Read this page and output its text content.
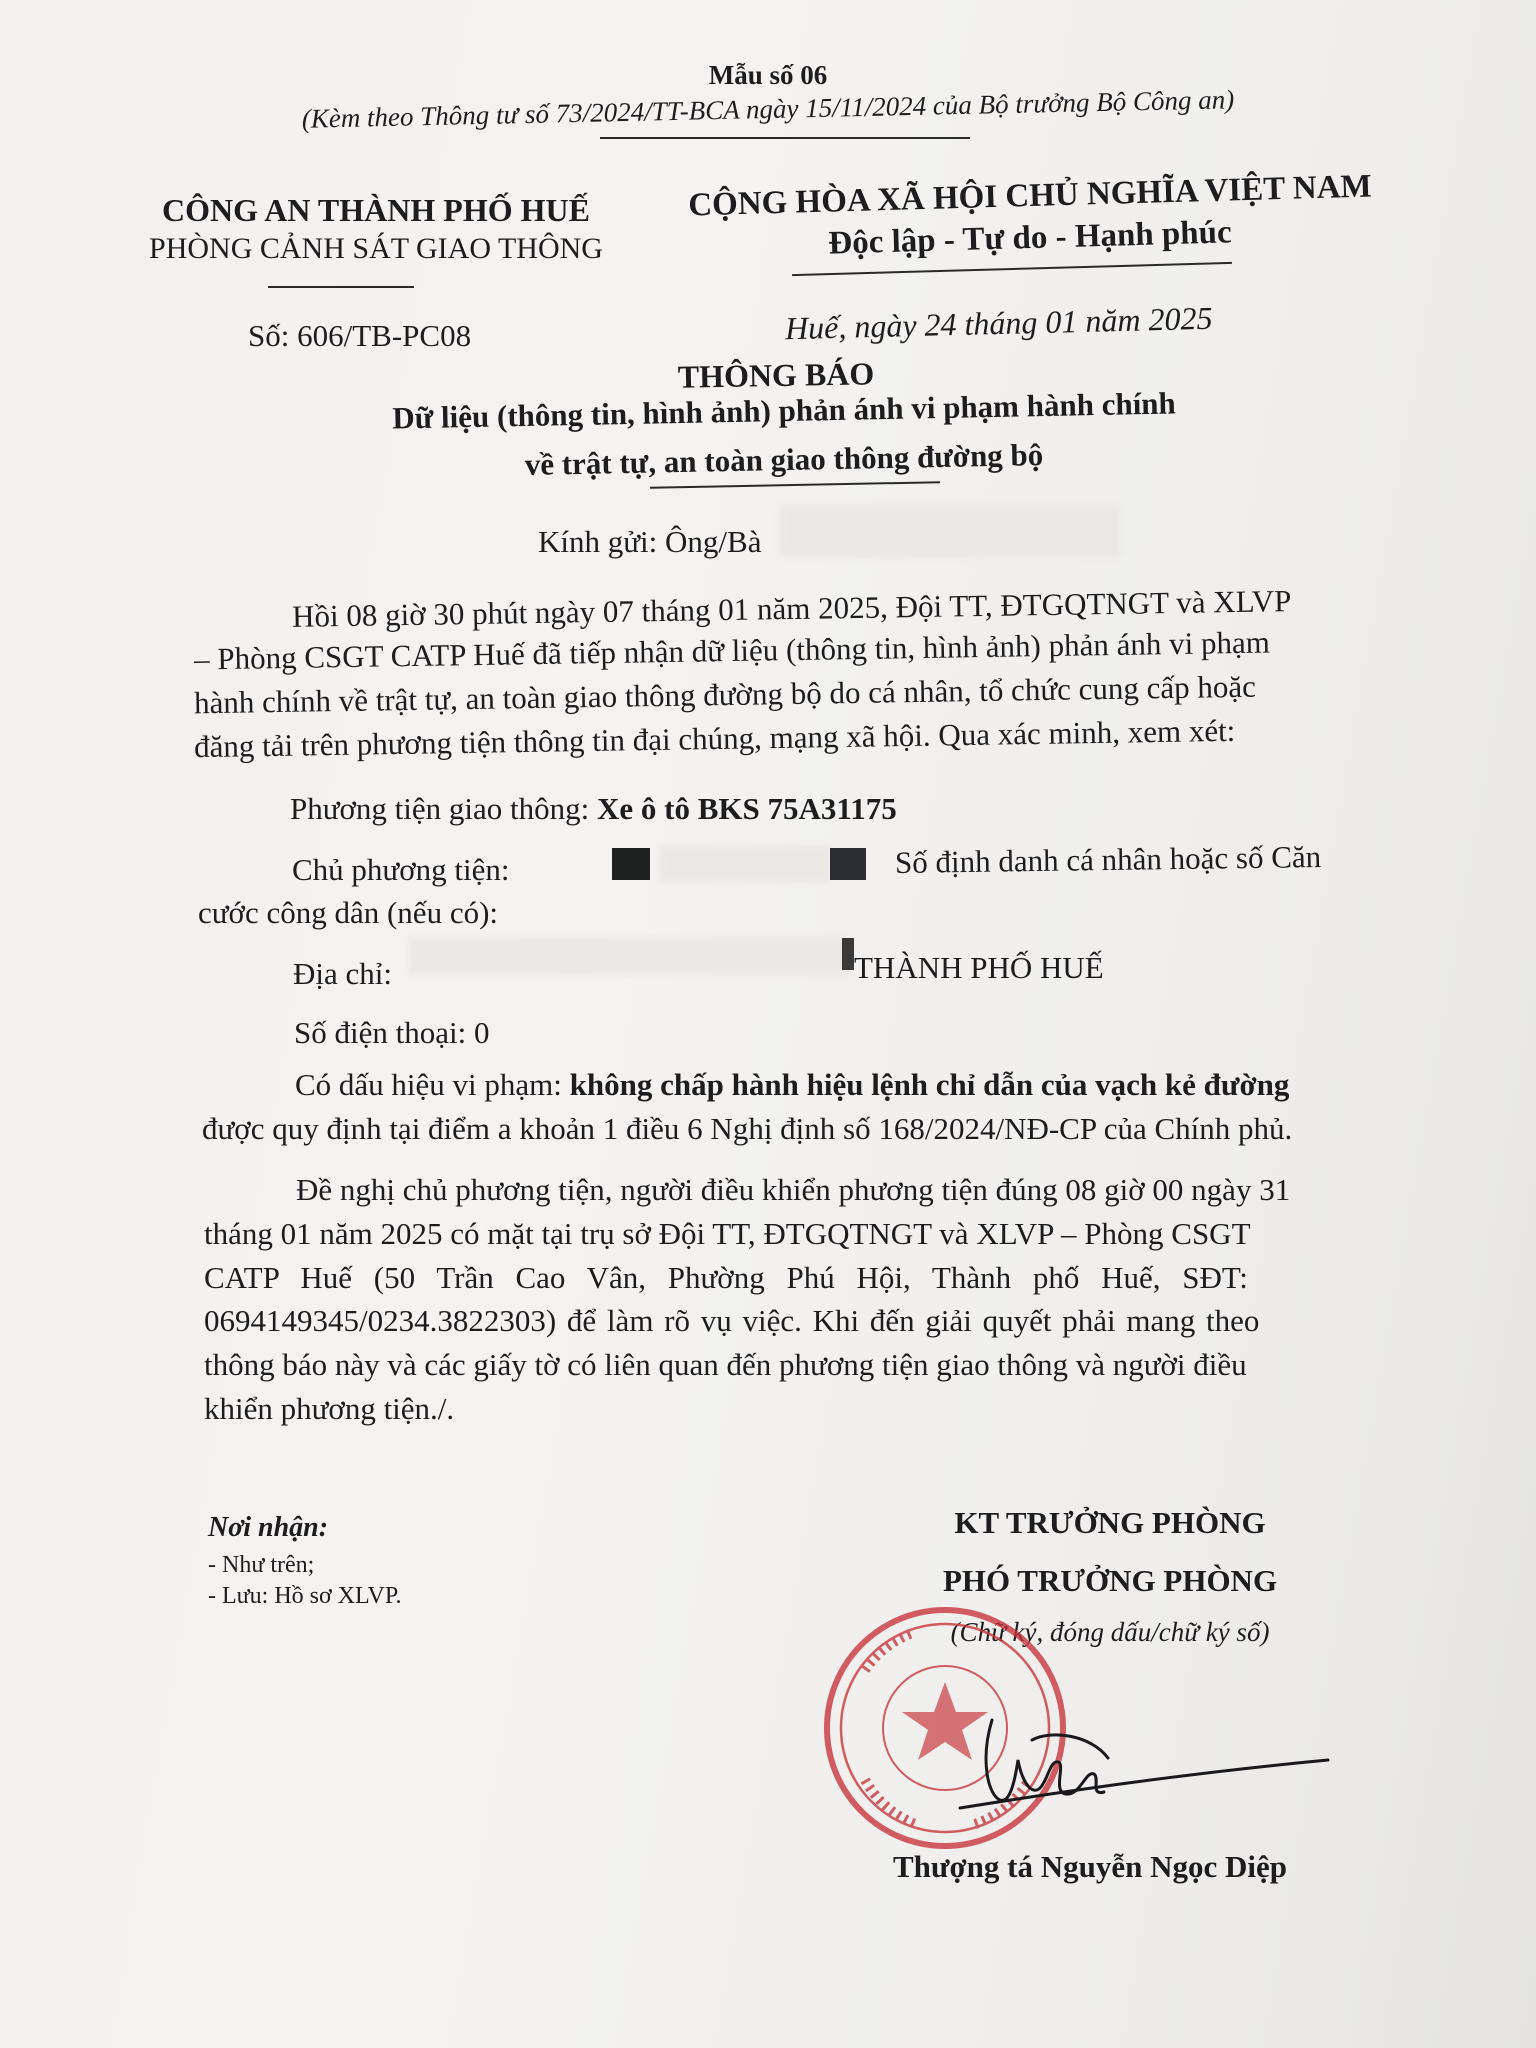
Mẫu số 06
(Kèm theo Thông tư số 73/2024/TT-BCA ngày 15/11/2024 của Bộ trưởng Bộ Công an)
CÔNG AN THÀNH PHỐ HUẾ
PHÒNG CẢNH SÁT GIAO THÔNG
CỘNG HÒA XÃ HỘI CHỦ NGHĨA VIỆT NAM
Độc lập - Tự do - Hạnh phúc
Số: 606/TB-PC08	Huế, ngày 24 tháng 01 năm 2025
THÔNG BÁO
Dữ liệu (thông tin, hình ảnh) phản ánh vi phạm hành chính
về trật tự, an toàn giao thông đường bộ
Kính gửi: Ông/Bà
Hồi 08 giờ 30 phút ngày 07 tháng 01 năm 2025, Đội TT, ĐTGQTNGT và XLVP
– Phòng CSGT CATP Huế đã tiếp nhận dữ liệu (thông tin, hình ảnh) phản ánh vi phạm
hành chính về trật tự, an toàn giao thông đường bộ do cá nhân, tổ chức cung cấp hoặc
đăng tải trên phương tiện thông tin đại chúng, mạng xã hội. Qua xác minh, xem xét:
Phương tiện giao thông: Xe ô tô BKS 75A31175
Chủ phương tiện:	Số định danh cá nhân hoặc số Căn
cước công dân (nếu có):
Địa chỉ:	THÀNH PHỐ HUẾ
Số điện thoại: 0
Có dấu hiệu vi phạm: không chấp hành hiệu lệnh chỉ dẫn của vạch kẻ đường
được quy định tại điểm a khoản 1 điều 6 Nghị định số 168/2024/NĐ-CP của Chính phủ.
Đề nghị chủ phương tiện, người điều khiển phương tiện đúng 08 giờ 00 ngày 31
tháng 01 năm 2025 có mặt tại trụ sở Đội TT, ĐTGQTNGT và XLVP – Phòng CSGT
CATP Huế (50 Trần Cao Vân, Phường Phú Hội, Thành phố Huế, SĐT:
0694149345/0234.3822303) để làm rõ vụ việc. Khi đến giải quyết phải mang theo
thông báo này và các giấy tờ có liên quan đến phương tiện giao thông và người điều
khiển phương tiện./.
Nơi nhận:
- Như trên;
- Lưu: Hồ sơ XLVP.
KT TRƯỞNG PHÒNG
PHÓ TRƯỞNG PHÒNG
(Chữ ký, đóng dấu/chữ ký số)
Thượng tá Nguyễn Ngọc Diệp
